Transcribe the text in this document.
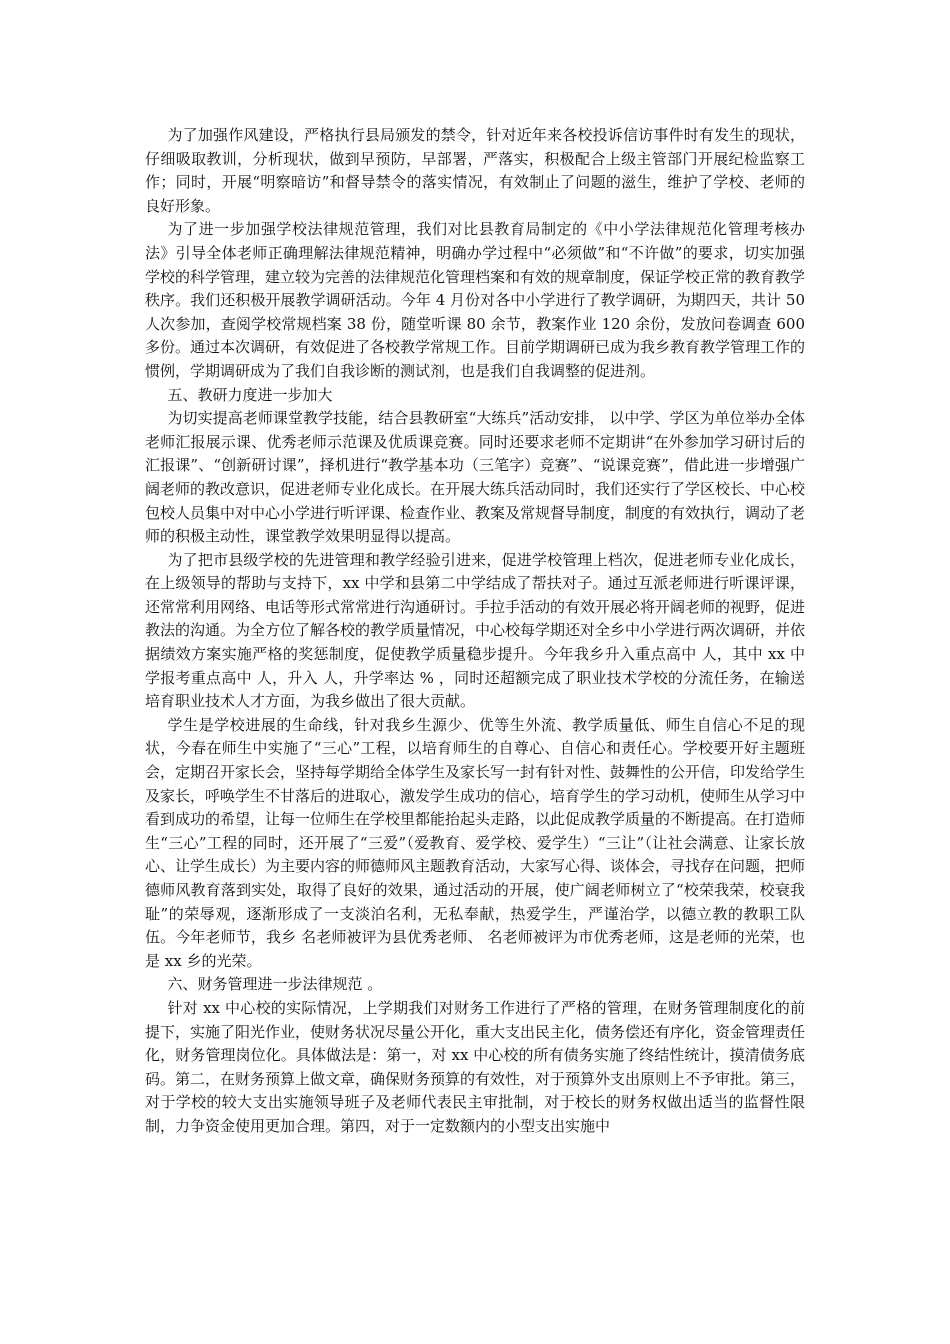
为了加强作风建设，严格执行县局颁发的禁令，针对近年来各校投诉信访事件时有发生的现状，仔细吸取教训，分析现状，做到早预防，早部署，严落实，积极配合上级主管部门开展纪检监察工作；同时，开展“明察暗访”和督导禁令的落实情况，有效制止了问题的滋生，维护了学校、老师的良好形象。

为了进一步加强学校法律规范管理，我们对比县教育局制定的《中小学法律规范化管理考核办法》引导全体老师正确理解法律规范精神，明确办学过程中“必须做”和“不许做”的要求，切实加强学校的科学管理，建立较为完善的法律规范化管理档案和有效的规章制度，保证学校正常的教育教学秩序。我们还积极开展教学调研活动。今年 4 月份对各中小学进行了教学调研，为期四天，共计 50 人次参加，查阅学校常规档案 38 份，随堂听课 80 余节，教案作业 120 余份，发放问卷调查 600 多份。通过本次调研，有效促进了各校教学常规工作。目前学期调研已成为我乡教育教学管理工作的惯例，学期调研成为了我们自我诊断的测试剂，也是我们自我调整的促进剂。

五、教研力度进一步加大

为切实提高老师课堂教学技能，结合县教研室“大练兵”活动安排， 以中学、学区为单位举办全体老师汇报展示课、优秀老师示范课及优质课竞赛。同时还要求老师不定期讲“在外参加学习研讨后的汇报课”、“创新研讨课”，择机进行“教学基本功（三笔字）竞赛”、“说课竞赛”，借此进一步增强广阔老师的教改意识，促进老师专业化成长。在开展大练兵活动同时，我们还实行了学区校长、中心校包校人员集中对中心小学进行听评课、检查作业、教案及常规督导制度，制度的有效执行，调动了老师的积极主动性，课堂教学效果明显得以提高。

为了把市县级学校的先进管理和教学经验引进来，促进学校管理上档次，促进老师专业化成长，在上级领导的帮助与支持下，xx 中学和县第二中学结成了帮扶对子。通过互派老师进行听课评课，还常常利用网络、电话等形式常常进行沟通研讨。手拉手活动的有效开展必将开阔老师的视野，促进教法的沟通。为全方位了解各校的教学质量情况，中心校每学期还对全乡中小学进行两次调研，并依据绩效方案实施严格的奖惩制度，促使教学质量稳步提升。今年我乡升入重点高中 人，其中 xx 中学报考重点高中 人，升入 人，升学率达 % ，同时还超额完成了职业技术学校的分流任务，在输送培育职业技术人才方面，为我乡做出了很大贡献。

学生是学校进展的生命线，针对我乡生源少、优等生外流、教学质量低、师生自信心不足的现状，今春在师生中实施了“三心”工程，以培育师生的自尊心、自信心和责任心。学校要开好主题班会，定期召开家长会，坚持每学期给全体学生及家长写一封有针对性、鼓舞性的公开信，印发给学生及家长，呼唤学生不甘落后的进取心，激发学生成功的信心，培育学生的学习动机，使师生从学习中看到成功的希望，让每一位师生在学校里都能抬起头走路，以此促成教学质量的不断提高。在打造师生“三心”工程的同时，还开展了“三爱”（爱教育、爱学校、爱学生）“三让”（让社会满意、让家长放心、让学生成长）为主要内容的师德师风主题教育活动，大家写心得、谈体会，寻找存在问题，把师德师风教育落到实处，取得了良好的效果，通过活动的开展，使广阔老师树立了“校荣我荣，校衰我耻”的荣辱观，逐渐形成了一支淡泊名利，无私奉献，热爱学生，严谨治学，以德立教的教职工队伍。今年老师节，我乡 名老师被评为县优秀老师、 名老师被评为市优秀老师，这是老师的光荣，也是 xx 乡的光荣。

六、财务管理进一步法律规范 。

针对 xx 中心校的实际情况，上学期我们对财务工作进行了严格的管理，在财务管理制度化的前提下，实施了阳光作业，使财务状况尽量公开化，重大支出民主化，债务偿还有序化，资金管理责任化，财务管理岗位化。具体做法是：第一，对 xx 中心校的所有债务实施了终结性统计，摸清债务底码。第二，在财务预算上做文章，确保财务预算的有效性，对于预算外支出原则上不予审批。第三，对于学校的较大支出实施领导班子及老师代表民主审批制，对于校长的财务权做出适当的监督性限制，力争资金使用更加合理。第四，对于一定数额内的小型支出实施中
